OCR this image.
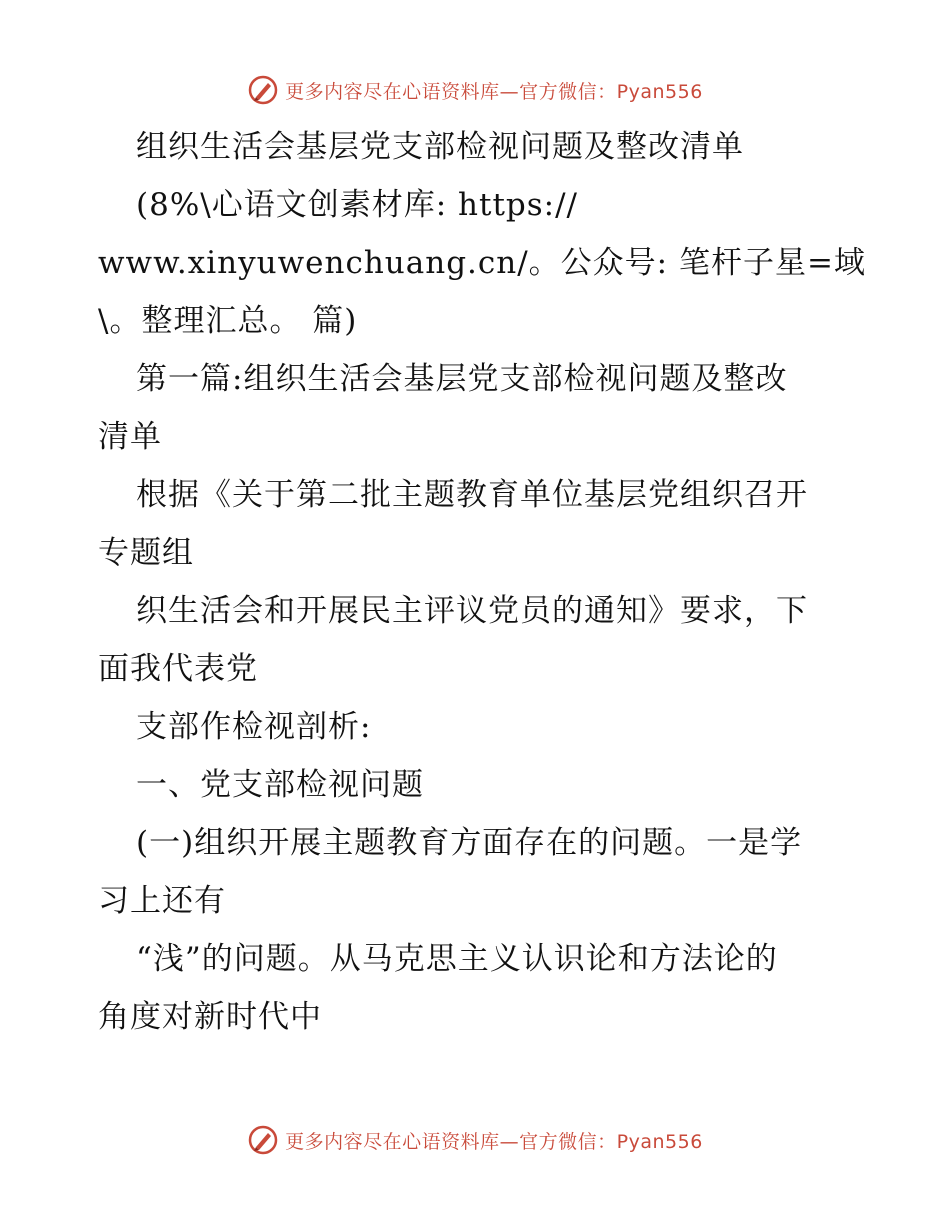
更多内容尽在心语资料库—官方微信：Pyan556
组织生活会基层党支部检视问题及整改清单
(8%\心语文创素材库: https://
www.xinyuwenchuang.cn/。公众号: 笔杆子星=域
\。整理汇总。 篇)
第一篇:组织生活会基层党支部检视问题及整改
清单
根据《关于第二批主题教育单位基层党组织召开
专题组
织生活会和开展民主评议党员的通知》要求，下
面我代表党
支部作检视剖析:
一、党支部检视问题
(一)组织开展主题教育方面存在的问题。一是学
习上还有
“浅”的问题。从马克思主义认识论和方法论的
角度对新时代中
更多内容尽在心语资料库—官方微信：Pyan556
